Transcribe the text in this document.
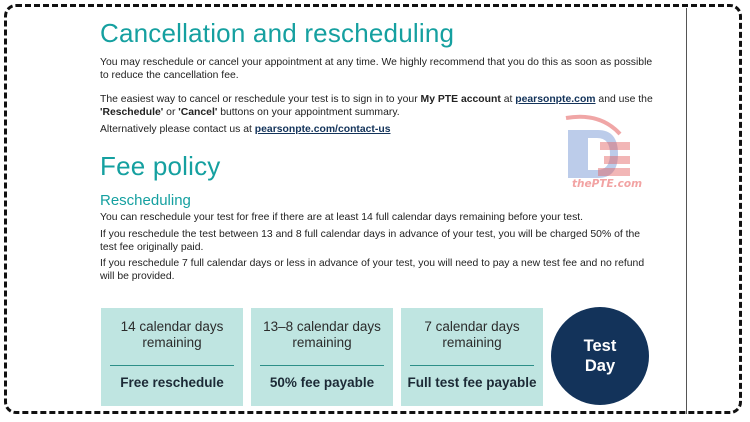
Cancellation and rescheduling

You may reschedule or cancel your appointment at any time. We highly recommend that you do this as soon as possible to reduce the cancellation fee.

The easiest way to cancel or reschedule your test is to sign in to your My PTE account at pearsonpte.com and use the 'Reschedule' or 'Cancel' buttons on your appointment summary.

Alternatively please contact us at pearsonpte.com/contact-us

Fee policy
Rescheduling

You can reschedule your test for free if there are at least 14 full calendar days remaining before your test.

If you reschedule the test between 13 and 8 full calendar days in advance of your test, you will be charged 50% of the test fee originally paid.

If you reschedule 7 full calendar days or less in advance of your test, you will need to pay a new test fee and no refund will be provided.

thePTE.com
14 calendar days remaining
Free reschedule
13–8 calendar days remaining
50% fee payable
7 calendar days remaining
Full test fee payable
Test Day
